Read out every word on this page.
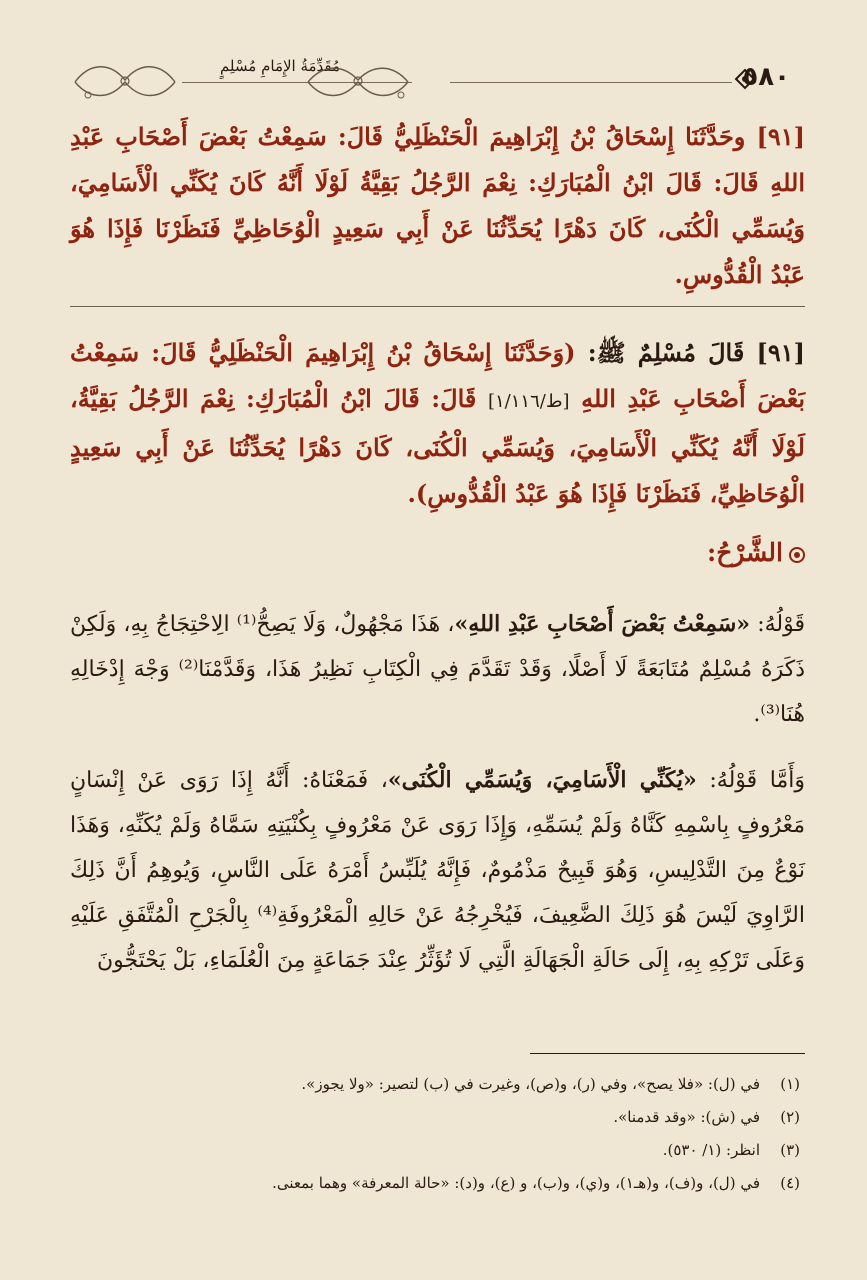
مُقَدِّمَةُ الإِمَامِ مُسْلِمٍ	٥٨٠
[٩١] وحَدَّثَنَا إِسْحَاقُ بْنُ إِبْرَاهِيمَ الْحَنْظَلِيُّ قَالَ: سَمِعْتُ بَعْضَ أَصْحَابِ عَبْدِ اللهِ قَالَ: قَالَ ابْنُ الْمُبَارَكِ: نِعْمَ الرَّجُلُ بَقِيَّةُ لَوْلَا أَنَّهُ كَانَ يُكَنِّي الْأَسَامِيَ، وَيُسَمِّي الْكُنَى، كَانَ دَهْرًا يُحَدِّثُنَا عَنْ أَبِي سَعِيدٍ الْوُحَاظِيِّ فَنَظَرْنَا فَإِذَا هُوَ عَبْدُ الْقُدُّوسِ.
[٩١] قَالَ مُسْلِمٌ ﷺ: (وَحَدَّثَنَا إِسْحَاقُ بْنُ إِبْرَاهِيمَ الْحَنْظَلِيُّ قَالَ: سَمِعْتُ بَعْضَ أَصْحَابِ عَبْدِ اللهِ [ط/١/١١٦] قَالَ: قَالَ ابْنُ الْمُبَارَكِ: نِعْمَ الرَّجُلُ بَقِيَّةُ، لَوْلَا أَنَّهُ يُكَنِّي الْأَسَامِيَ، وَيُسَمِّي الْكُنَى، كَانَ دَهْرًا يُحَدِّثُنَا عَنْ أَبِي سَعِيدٍ الْوُحَاظِيِّ، فَنَظَرْنَا فَإِذَا هُوَ عَبْدُ الْقُدُّوسِ).
الشَّرْحُ:
قَوْلُهُ: «سَمِعْتُ بَعْضَ أَصْحَابِ عَبْدِ اللهِ»، هَذَا مَجْهُولٌ، وَلَا يَصِحُّ⁽¹⁾ الِاحْتِجَاجُ بِهِ، وَلَكِنْ ذَكَرَهُ مُسْلِمٌ مُتَابَعَةً لَا أَصْلًا، وَقَدْ تَقَدَّمَ فِي الْكِتَابِ نَظِيرُ هَذَا، وَقَدَّمْنَا⁽²⁾ وَجْهَ إِدْخَالِهِ هُنَا⁽³⁾.
وَأَمَّا قَوْلُهُ: «يُكَنِّي الْأَسَامِيَ، وَيُسَمِّي الْكُنَى»، فَمَعْنَاهُ: أَنَّهُ إِذَا رَوَى عَنْ إِنْسَانٍ مَعْرُوفٍ بِاسْمِهِ كَنَّاهُ وَلَمْ يُسَمِّهِ، وَإِذَا رَوَى عَنْ مَعْرُوفٍ بِكُنْيَتِهِ سَمَّاهُ وَلَمْ يُكَنِّهِ، وَهَذَا نَوْعٌ مِنَ التَّدْلِيسِ، وَهُوَ قَبِيحٌ مَذْمُومٌ، فَإِنَّهُ يُلَبِّسُ أَمْرَهُ عَلَى النَّاسِ، وَيُوهِمُ أَنَّ ذَلِكَ الرَّاوِيَ لَيْسَ هُوَ ذَلِكَ الضَّعِيفَ، فَيُخْرِجُهُ عَنْ حَالِهِ الْمَعْرُوفَةِ⁽⁴⁾ بِالْجَرْحِ الْمُتَّفَقِ عَلَيْهِ وَعَلَى تَرْكِهِ بِهِ، إِلَى حَالَةِ الْجَهَالَةِ الَّتِي لَا تُؤَثِّرُ عِنْدَ جَمَاعَةٍ مِنَ الْعُلَمَاءِ، بَلْ يَحْتَجُّونَ
(١)
في (ل): «فلا يصح»، وفي (ر)، و(ص)، وغيرت في (ب) لتصير: «ولا يجوز».
(٢)
في (ش): «وقد قدمنا».
(٣)
انظر: (١/ ٥٣٠).
(٤)
في (ل)، و(ف)، و(هـ١)، و(ي)، و(ب)، و (ع)، و(د): «حالة المعرفة» وهما بمعنى.
